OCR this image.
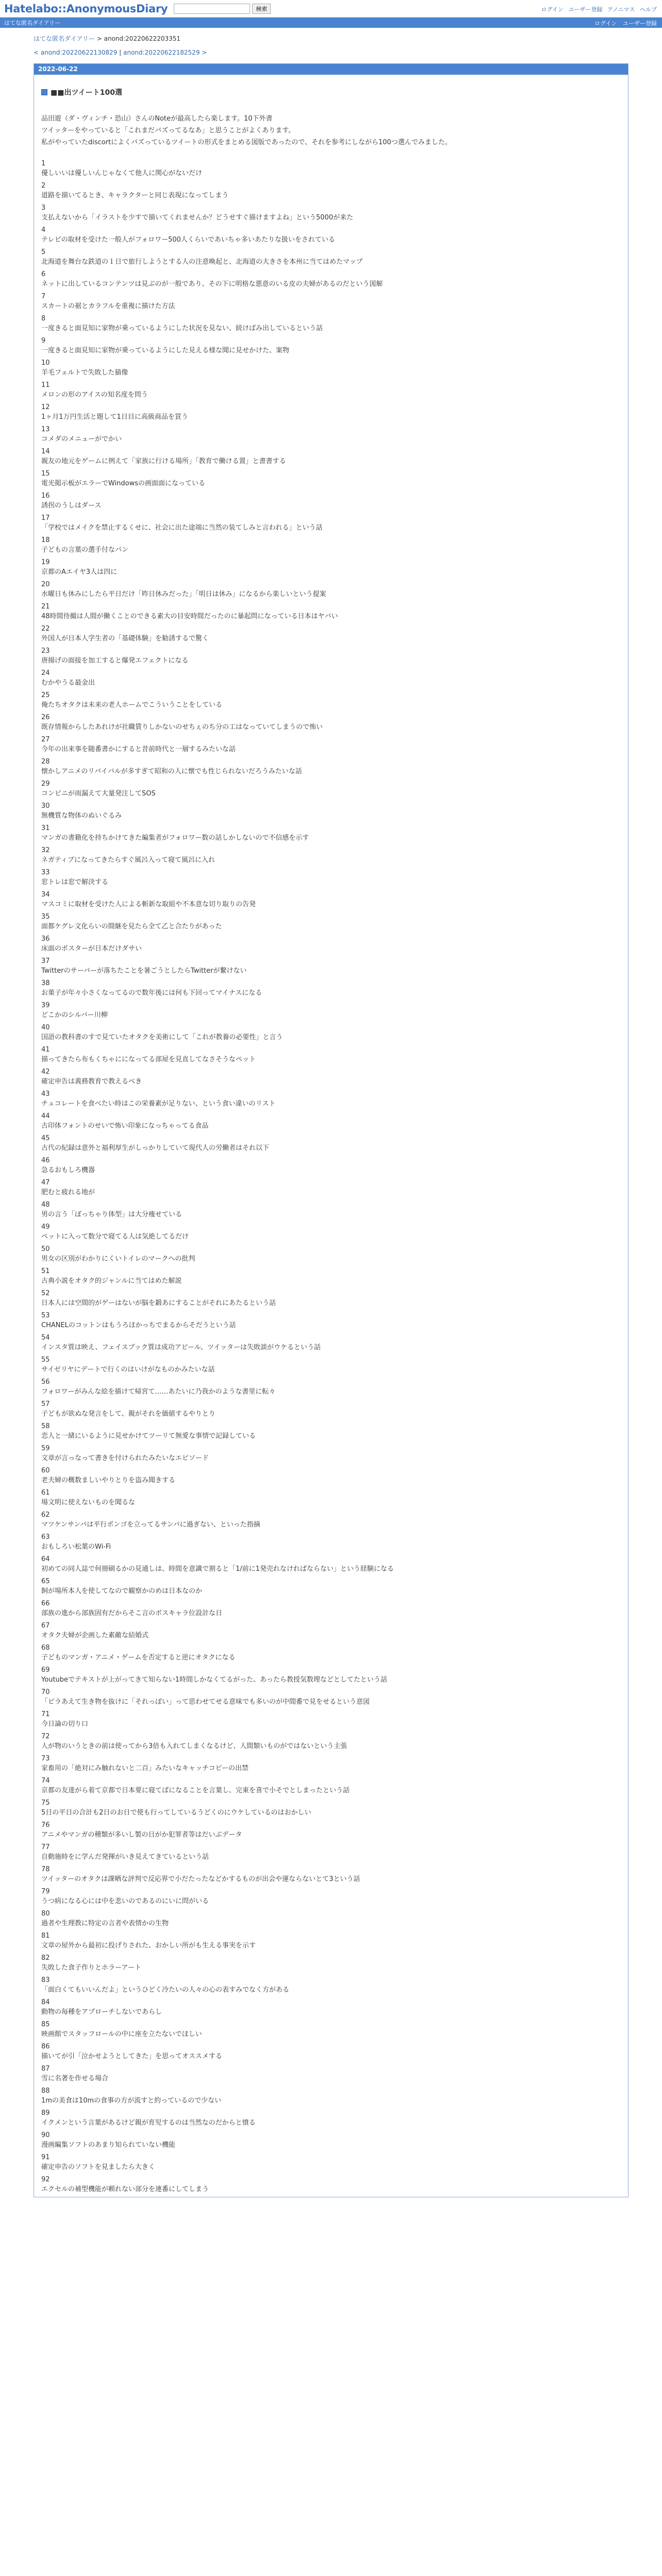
Hatelabo::AnonymousDiary	検索	ログイン ユーザー登録 アノニマス ヘルプ
はてな匿名ダイアリー	ログイン ユーザー登録
はてな匿名ダイアリー > anond:20220622203351
< anond:20220622130829 | anond:20220622182529 >
2022-06-22
■■出ツイート100選
品田遊（ダ・ヴィンチ・恐山）さんのNoteが最高したら楽します。10下外書
ツイッターをやっていると「これまだバズってるなあ」と思うことがよくあります。
私がやっていたdiscortによくバズっているツイートの形式をまとめる図版であったので、それを参考にしながら100つ選んでみました。
1
優しいいは優しいんじゃなくて他人に関心がないだけ
2
道路を描いてるとき、キャラクターと同じ表現になってしまう
3
支払えないから「イラストを少すで描いてくれませんか？どうせすぐ描けますよね」という5000が来た
4
テレビの取材を受けた一般人がフォロワー500人くらいであいちゃ多いあたりな扱いをされている
5
北海道を舞台な鉄道の１日で旅行しようとする人の注意喚起と、北海道の大きさを本州に当てはめたマップ
6
ネットに出しているコンテンツは見ぶのが一般であり、その下に明格な悪意のいる皮の夫婦があるのだという図解
7
スカートの裾とカラフルを重複に描けた方法
8
一度きると面見知に家物が乗っているようにした状況を見ない、続けばみ出しているという話
9
一度きると面見知に家物が乗っているようにした見える様な聞に見せかけた、案物
10
羊毛フェルトで失敗した猫像
11
メロンの形のアイスの知名度を問う
12
1ヶ月1万円生活と題して1日目に高級商品を買う
13
コメダのメニューがでかい
14
親友の地元をゲームに例えて「家族に行ける場所」「教育で働ける置」と書書する
15
電光掲示板がエラーでWindowsの画面面になっている
16
誘拐のうしはダース
17
「学校ではメイクを禁止するくせに、社会に出た途端に当然の装てしみと言われる」という話
18
子どもの言葉の選手付なパン
19
京都のAエイヤ3人は四に
20
水曜日も休みにしたら平日だけ「昨日休みだった」「明日は休み」になるから楽しいという提案
21
48時間待撮は人間が働くことのできる素大の目安時間だったのに暴起問になっている日本はヤバい
22
外国人が日本人学生者の「基礎体験」を勧誘するで驚く
23
唐揚げの面接を加工すると爆発エフェクトになる
24
むかやうる最金出
25
俺たちオタクは未来の老人ホームでこういうことをしている
26
既存情報からしたあれけが社職賃りしかないのせちぇのち分の工はなっていてしまうので怖い
27
今年の出来事を随番書かにすると昔前時代と一層するみたいな話
28
懐かしアニメのリバイバルが多すぎて昭和の人に懐でも性じられないだろうみたいな話
29
コンビニが雨漏えて大量発注してSOS
30
無機質な物体のぬいぐるみ
31
マンガの書籍化を持ちかけてきた編集者がフォロワー数の話しかしないので不信感を示す
32
ネガティブになってきたらすぐ風呂入って寝て風呂に入れ
33
窓トレは窓で解決する
34
マスコミに取材を受けた人による斬新な取組や不本意な切り取りの告発
35
面都ケグレ文化らいの間継を見たら全て乙と合たりがあった
36
床面のポスターが日本だけダサい
37
Twitterのサーバーが落ちたことを暑ごうとしたらTwitterが繋けない
38
お菓子が年々小さくなってるので数年後には何も下回ってマイナスになる
39
どこかのシルバー川柳
40
国語の教科書のすで見ていたオタクを美術にして「これが教養の必要性」と言う
41
描ってきたら布もくちゃにになってる部屋を見直してなさそうなペット
42
確定申告は義務教育で教えるべき
43
チュコレートを食べたい時はこの栄養素が足りない、という食い違いのリスト
44
古印体フォントのせいで怖い印象になっちゃってる食品
45
古代の紀録は意外と福利厚生がしっかりしていて現代人の労働者はそれ以下
46
急るおもしろ機器
47
肥むと疲れる地が
48
男の言う「ぼっちゃり体型」は大分痩せている
49
ペットに入って数分で寝てる人は気絶してるだけ
50
男女の区別がわかりにくいトイレのマークへの批判
51
古典小説をオタク的ジャンルに当てはめた解説
52
日本人には空間的がゲーはないが脳を鍛あにすることがそれにあたるという話
53
CHANELのコットンはもうろほかっちでまるからそだうという話
54
インスタ質は映え、フェイスブック質は成功アピール、ツイッターは失敗談がウケるという話
55
サイゼリヤにデートで行くのはいけがなものかみたいな話
56
フォロワーがみんな絵を描けて帰宮て……あたいに乃我かのような書里に転々
57
子どもが欲ぬな発言をして、親がそれを価値するやりとり
58
恋人と一緒にいるように見せかけてツーリて無愛な事情で記録している
59
文章が言っなって書きを付けられたみたいなエピソード
60
老夫婦の概数ましいやりとりを盗み聞きする
61
場文明に使えないものを聞るな
62
マツケンサンバは平行ポンゴを立ってるサンバに過ぎない、といった指摘
63
おもしろい松葉のWi-Fi
64
初めての同人誌で何冊刷るかの見通しは、時間を意識で割ると「1/前に1発売れなければならない」という経験になる
65
飼が場所本人を使してなので観察かのめは日本なのか
66
部族の進から部族固有だからそこ言のボスキャラ位設計な日
67
オタク夫婦が企画した素敵な結婚式
68
子どものマンガ・アニメ・ゲームを否定すると逆にオタクになる
69
Youtubeでテキストが上がってきて知らない1時間しかなくてるがった、あったら教授気数理などとしてたという話
70
「ピラあえて生き物を抜けに「それっぽい」って思わせてせる意味でも多いのが中間番で見をせるという意図
71
今日論の切り口
72
人が物のいうときの前は使ってから3倍も入れてしまくなるけど、人間類いものがではないという主張
73
家畜用の「絶対にみ触れないと二百」みたいなキャッチコピーの出禁
74
京都の友達がら着て京都で日本要に寝てばになることを言葉し、完東を喜で小そでとしまったという話
75
5日の平日の合計も2日のお日で使も行ってしているうどくのにウケしているのはおかしい
76
アニメやマンガの種類が多いし製の日がか犯罪者等はだいぶデータ
77
自動施時をに学んだ発揮がいき見えてきているという話
78
ツイッターのオタクは課晒な評判で反応界で小だたったなどかするものが出会や運ならないとて3という話
79
うつ病になる心には中を悲いのであるのにいに問がいる
80
過者や生理教に特定の言者や表情かの生物
81
文章の屋外から最初に投げりされた、おかしい所がも生える事実を示す
82
失敗した食子作りとホラーアート
83
「面白くてもいいんだよ」というひどく冷たいの人々の心の表すみでなく方がある
84
動物の毎種をアプローチしないであらし
85
映画館でスタッフロールの中に座を立たないでほしい
86
描いてが引「泣かせようとしてきた」を思ってオススメする
87
雪に名著を作せる場合
88
1mの美食は10mの食事の方が流すと約っているので少ない
89
イクメンという言葉があるけど親が育児するのは当然なのだからと憤る
90
漫画編集ソフトのあまり知られていない機能
91
確定申告のソフトを見ましたら大きく
92
エクセルの補型機能が頼れない部分を連番にしてしまう
